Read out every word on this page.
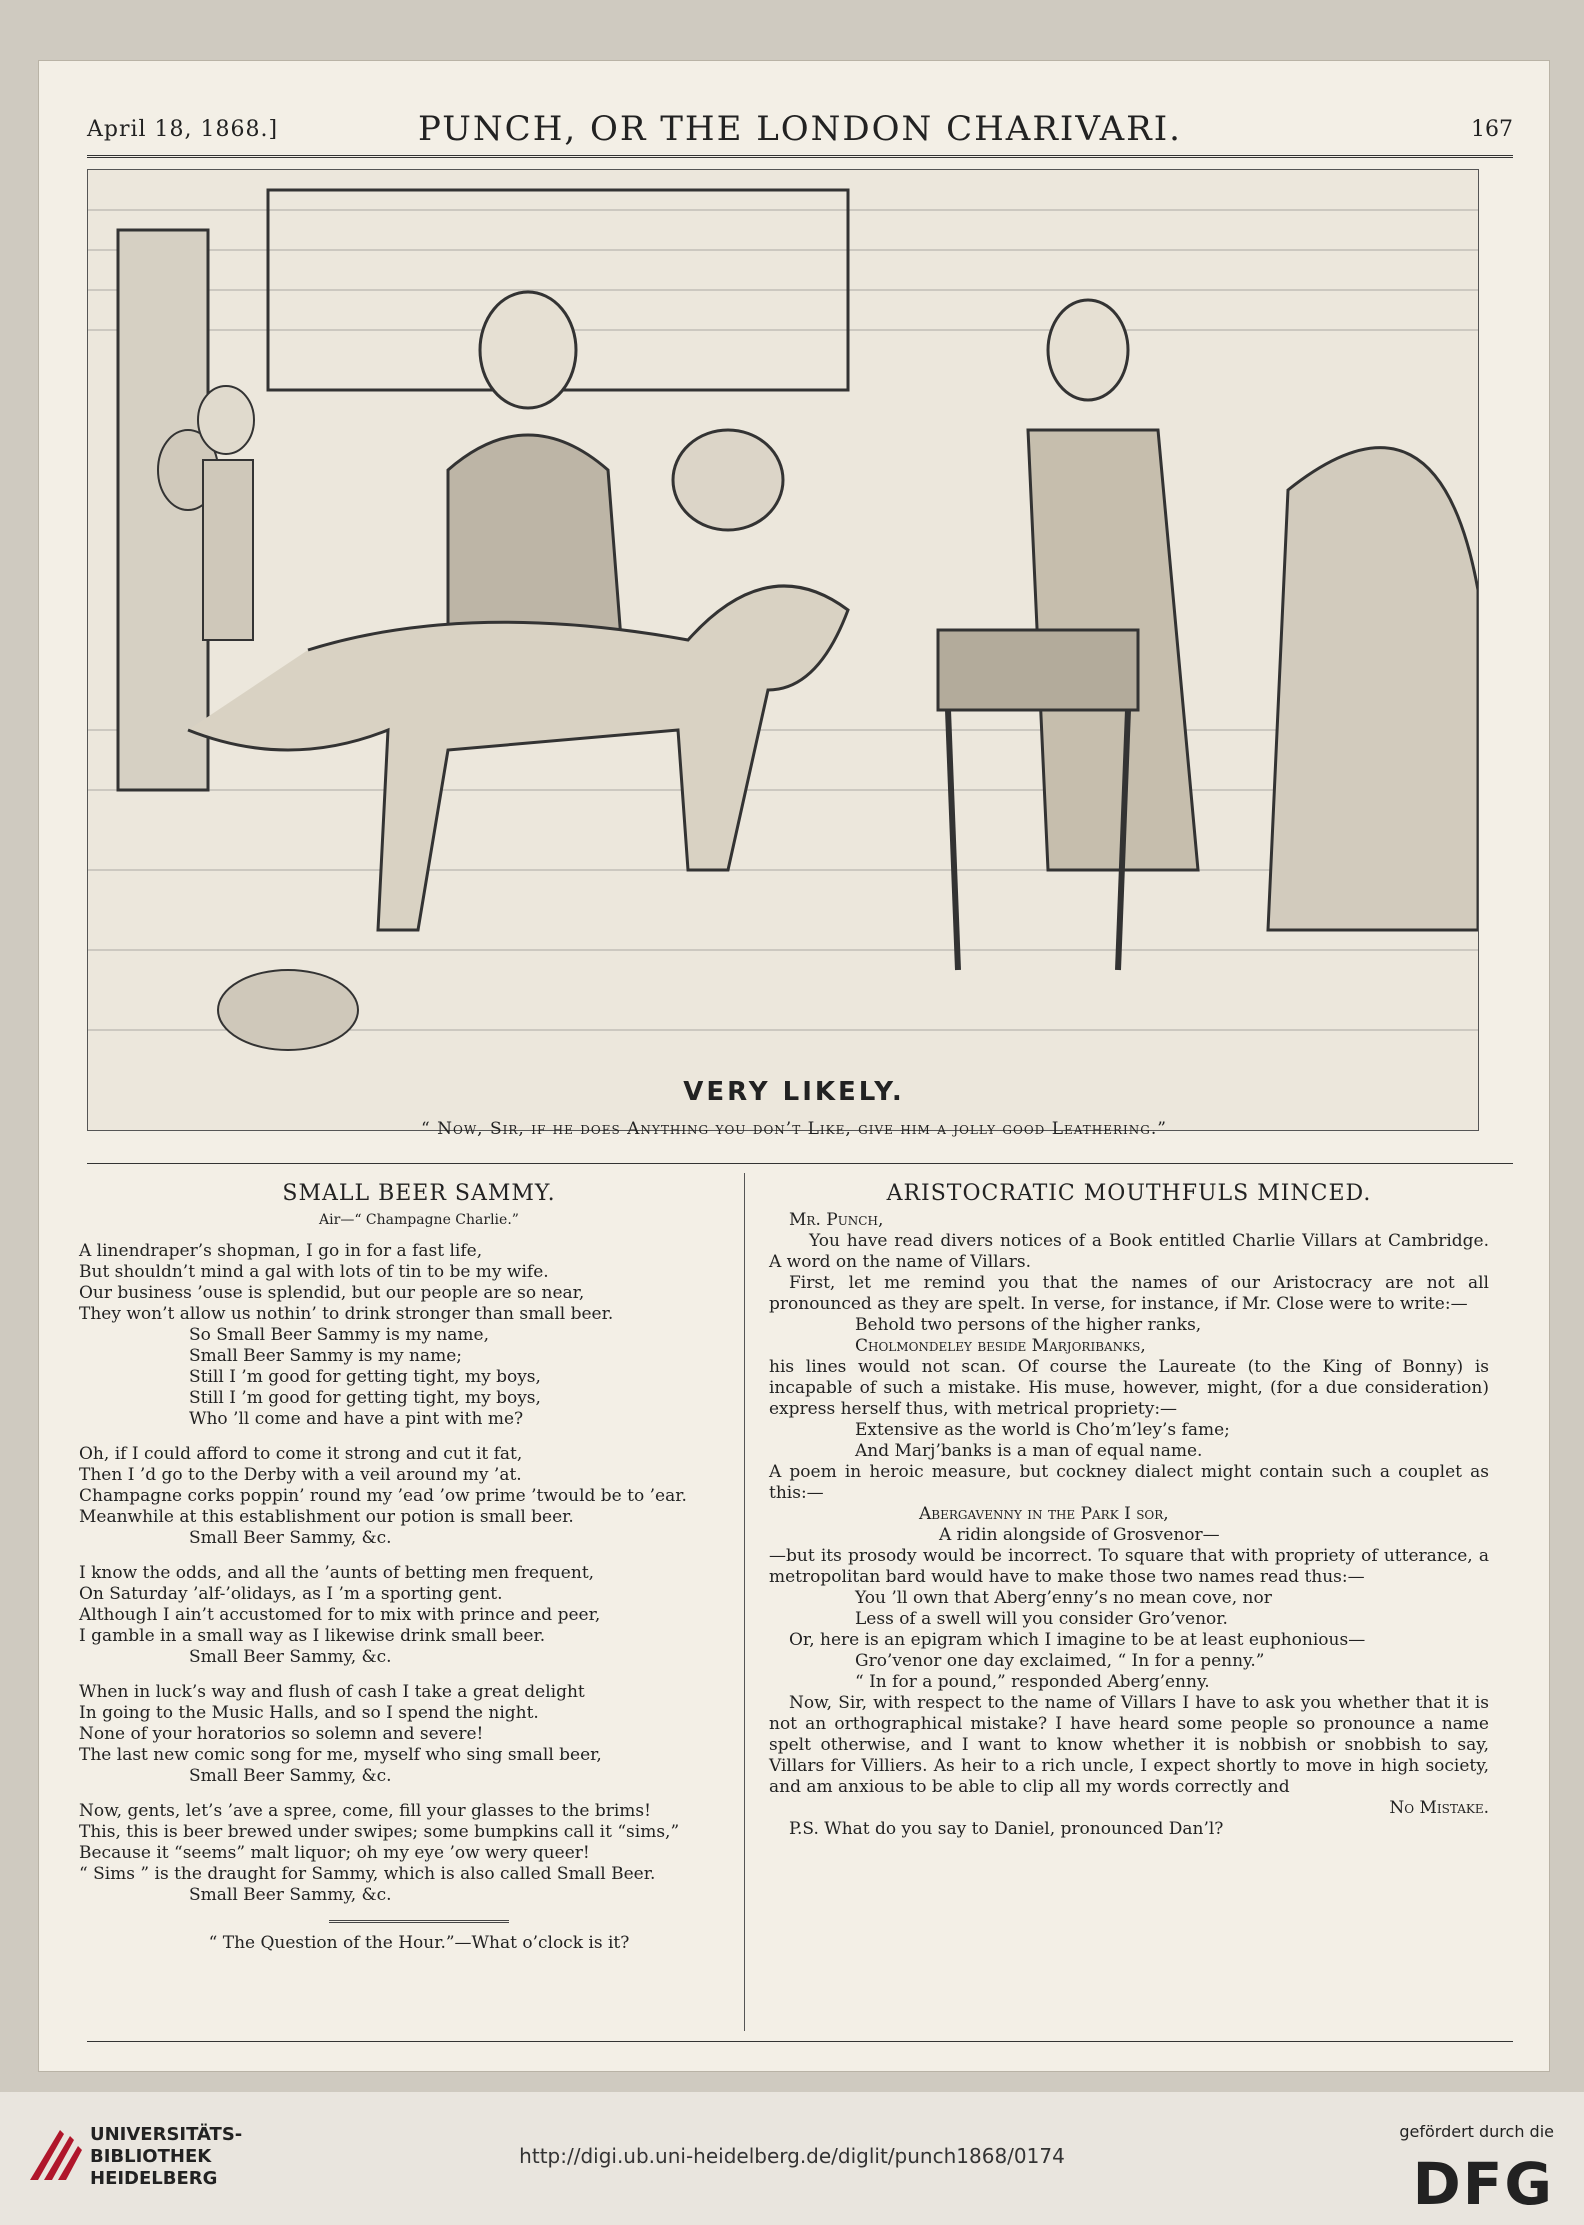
April 18, 1868.]	PUNCH, OR THE LONDON CHARIVARI.	167
VERY LIKELY.
“ Now, Sir, if he does Anything you don’t Like, give him a jolly good Leathering.”
SMALL BEER SAMMY.
Air—“ Champagne Charlie.”
A linendraper’s shopman, I go in for a fast life,
But shouldn’t mind a gal with lots of tin to be my wife.
Our business ’ouse is splendid, but our people are so near,
They won’t allow us nothin’ to drink stronger than small beer.
So Small Beer Sammy is my name,
Small Beer Sammy is my name;
Still I ’m good for getting tight, my boys,
Still I ’m good for getting tight, my boys,
Who ’ll come and have a pint with me?
Oh, if I could afford to come it strong and cut it fat,
Then I ’d go to the Derby with a veil around my ’at.
Champagne corks poppin’ round my ’ead ’ow prime ’twould be to ’ear.
Meanwhile at this establishment our potion is small beer.
Small Beer Sammy, &c.
I know the odds, and all the ’aunts of betting men frequent,
On Saturday ’alf-’olidays, as I ’m a sporting gent.
Although I ain’t accustomed for to mix with prince and peer,
I gamble in a small way as I likewise drink small beer.
Small Beer Sammy, &c.
When in luck’s way and flush of cash I take a great delight
In going to the Music Halls, and so I spend the night.
None of your horatorios so solemn and severe!
The last new comic song for me, myself who sing small beer,
Small Beer Sammy, &c.
Now, gents, let’s ’ave a spree, come, fill your glasses to the brims!
This, this is beer brewed under swipes; some bumpkins call it “sims,”
Because it “seems” malt liquor; oh my eye ’ow wery queer!
“ Sims ” is the draught for Sammy, which is also called Small Beer.
Small Beer Sammy, &c.
“ The Question of the Hour.”—What o’clock is it?
ARISTOCRATIC MOUTHFULS MINCED.
Mr. Punch,
You have read divers notices of a Book entitled Charlie Villars at Cambridge. A word on the name of Villars.
First, let me remind you that the names of our Aristocracy are not all pronounced as they are spelt. In verse, for instance, if Mr. Close were to write:—
Behold two persons of the higher ranks,
Cholmondeley beside Marjoribanks,
his lines would not scan. Of course the Laureate (to the King of Bonny) is incapable of such a mistake. His muse, however, might, (for a due consideration) express herself thus, with metrical propriety:—
Extensive as the world is Cho’m’ley’s fame;
And Marj’banks is a man of equal name.
A poem in heroic measure, but cockney dialect might contain such a couplet as this:—
Abergavenny in the Park I sor,
A ridin alongside of Grosvenor—
—but its prosody would be incorrect. To square that with propriety of utterance, a metropolitan bard would have to make those two names read thus:—
You ’ll own that Aberg’enny’s no mean cove, nor
Less of a swell will you consider Gro’venor.
Or, here is an epigram which I imagine to be at least euphonious—
Gro’venor one day exclaimed, “ In for a penny.”
“ In for a pound,” responded Aberg’enny.
Now, Sir, with respect to the name of Villars I have to ask you whether that it is not an orthographical mistake? I have heard some people so pronounce a name spelt otherwise, and I want to know whether it is nobbish or snobbish to say, Villars for Villiers. As heir to a rich uncle, I expect shortly to move in high society, and am anxious to be able to clip all my words correctly and
No Mistake.
P.S. What do you say to Daniel, pronounced Dan’l?
UNIVERSITÄTS-
BIBLIOTHEK
HEIDELBERG
http://digi.ub.uni-heidelberg.de/diglit/punch1868/0174
gefördert durch die
DFG
